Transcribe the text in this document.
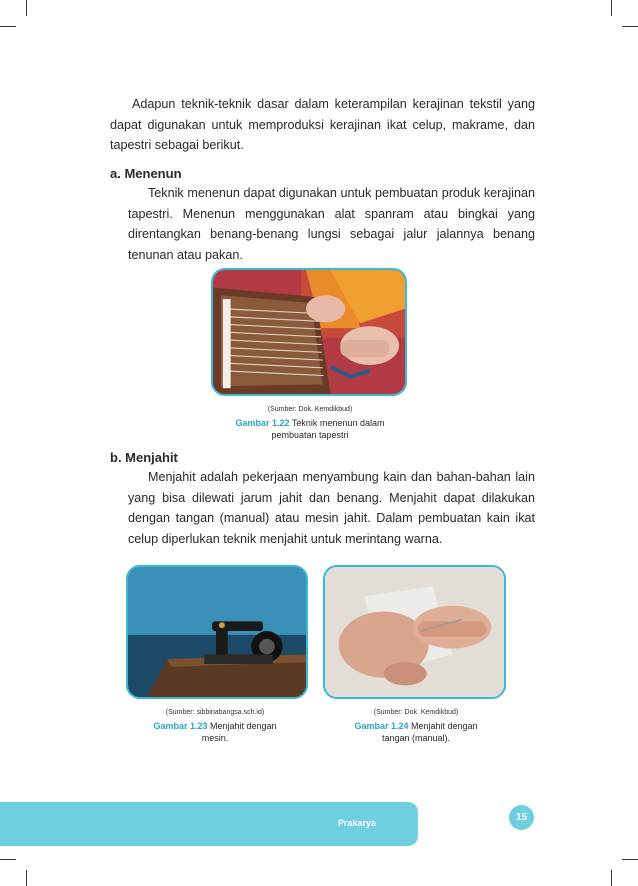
Adapun teknik-teknik dasar dalam keterampilan kerajinan tekstil yang dapat digunakan untuk memproduksi kerajinan ikat celup, makrame, dan tapestri sebagai berikut.

a. Menenun

Teknik menenun dapat digunakan untuk pembuatan produk kerajinan tapestri. Menenun menggunakan alat spanram atau bingkai yang direntangkan benang-benang lungsi sebagai jalur jalannya benang tenunan atau pakan.

(Sumber: Dok. Kemdikbud)
Gambar 1.22 Teknik menenun dalam pembuatan tapestri
b. Menjahit

Menjahit adalah pekerjaan menyambung kain dan bahan-bahan lain yang bisa dilewati jarum jahit dan benang. Menjahit dapat dilakukan dengan tangan (manual) atau mesin jahit. Dalam pembuatan kain ikat celup diperlukan teknik menjahit untuk merintang warna.

(Sumber: sibbinabangsa.sch.id)
Gambar 1.23 Menjahit dengan mesin.
(Sumber: Dok. Kemdikbud)
Gambar 1.24 Menjahit dengan tangan (manual).
Prakarya	15
